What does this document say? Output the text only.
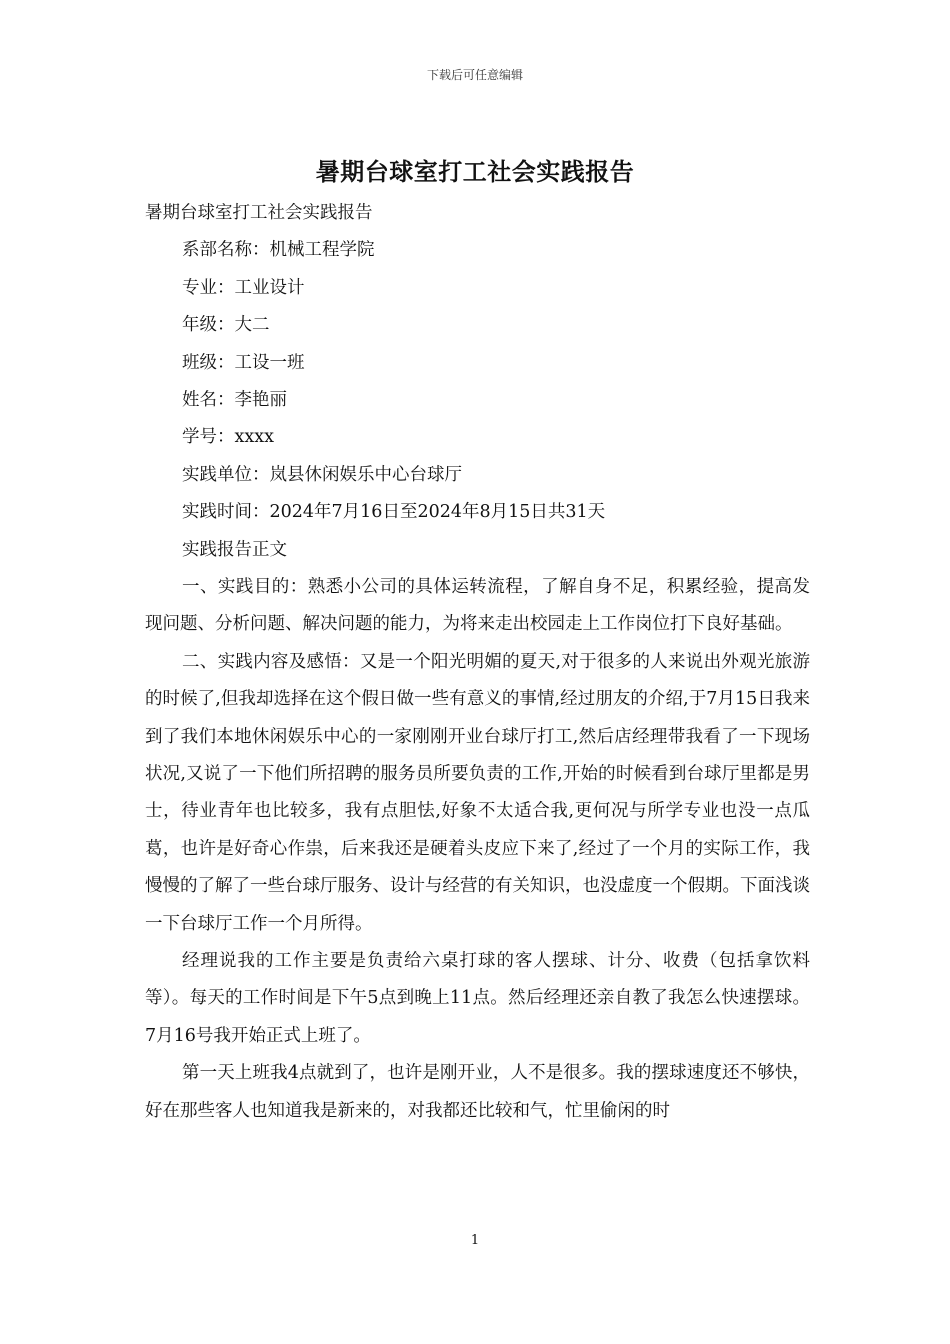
下载后可任意编辑
暑期台球室打工社会实践报告
暑期台球室打工社会实践报告
系部名称：机械工程学院
专业：工业设计
年级：大二
班级：工设一班
姓名：李艳丽
学号：xxxx
实践单位：岚县休闲娱乐中心台球厅
实践时间：2024年7月16日至2024年8月15日共31天
实践报告正文

一、实践目的：熟悉小公司的具体运转流程，了解自身不足，积累经验，提高发现问题、分析问题、解决问题的能力，为将来走出校园走上工作岗位打下良好基础。

二、实践内容及感悟：又是一个阳光明媚的夏天,对于很多的人来说出外观光旅游的时候了,但我却选择在这个假日做一些有意义的事情,经过朋友的介绍,于7月15日我来到了我们本地休闲娱乐中心的一家刚刚开业台球厅打工,然后店经理带我看了一下现场状况,又说了一下他们所招聘的服务员所要负责的工作,开始的时候看到台球厅里都是男士，待业青年也比较多，我有点胆怯,好象不太适合我,更何况与所学专业也没一点瓜葛，也许是好奇心作祟，后来我还是硬着头皮应下来了,经过了一个月的实际工作，我慢慢的了解了一些台球厅服务、设计与经营的有关知识，也没虚度一个假期。下面浅谈一下台球厅工作一个月所得。

经理说我的工作主要是负责给六桌打球的客人摆球、计分、收费（包括拿饮料等）。每天的工作时间是下午5点到晚上11点。然后经理还亲自教了我怎么快速摆球。7月16号我开始正式上班了。

第一天上班我4点就到了，也许是刚开业，人不是很多。我的摆球速度还不够快，好在那些客人也知道我是新来的，对我都还比较和气，忙里偷闲的时

1
